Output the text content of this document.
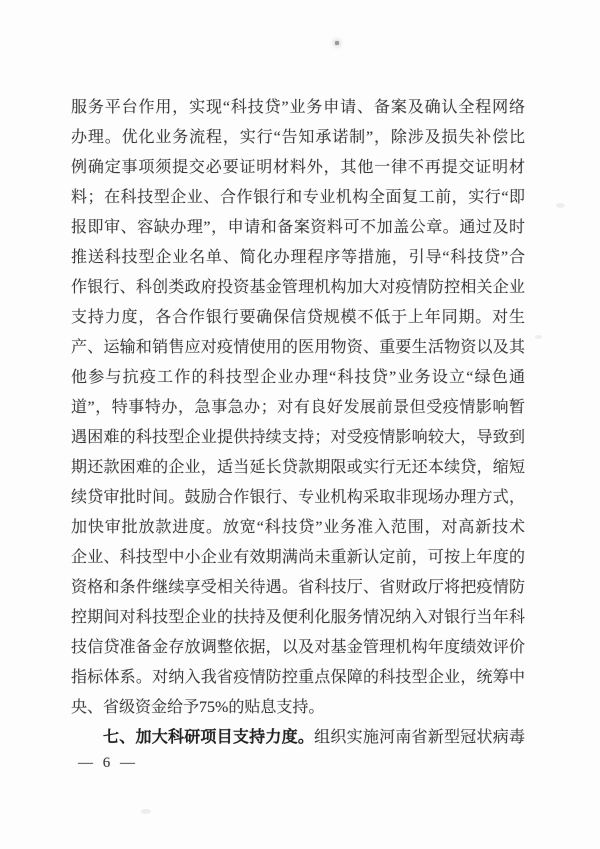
服务平台作用，实现“科技贷”业务申请、备案及确认全程网络
办理。优化业务流程，实行“告知承诺制”，除涉及损失补偿比
例确定事项须提交必要证明材料外，其他一律不再提交证明材
料；在科技型企业、合作银行和专业机构全面复工前，实行“即
报即审、容缺办理”，申请和备案资料可不加盖公章。通过及时
推送科技型企业名单、简化办理程序等措施，引导“科技贷”合
作银行、科创类政府投资基金管理机构加大对疫情防控相关企业
支持力度，各合作银行要确保信贷规模不低于上年同期。对生
产、运输和销售应对疫情使用的医用物资、重要生活物资以及其
他参与抗疫工作的科技型企业办理“科技贷”业务设立“绿色通
道”，特事特办，急事急办；对有良好发展前景但受疫情影响暂
遇困难的科技型企业提供持续支持；对受疫情影响较大，导致到
期还款困难的企业，适当延长贷款期限或实行无还本续贷，缩短
续贷审批时间。鼓励合作银行、专业机构采取非现场办理方式，
加快审批放款进度。放宽“科技贷”业务准入范围，对高新技术
企业、科技型中小企业有效期满尚未重新认定前，可按上年度的
资格和条件继续享受相关待遇。省科技厅、省财政厅将把疫情防
控期间对科技型企业的扶持及便利化服务情况纳入对银行当年科
技信贷准备金存放调整依据，以及对基金管理机构年度绩效评价
指标体系。对纳入我省疫情防控重点保障的科技型企业，统筹中
央、省级资金给予75%的贴息支持。
七、加大科研项目支持力度。组织实施河南省新型冠状病毒
— 6 —
